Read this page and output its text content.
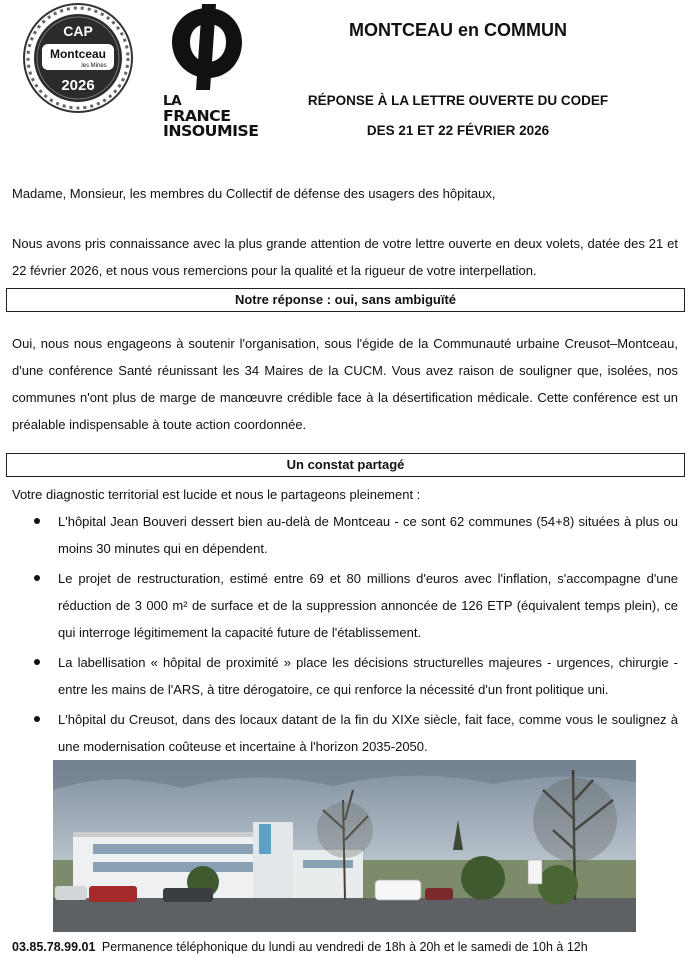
CAP
Montceau
les Mines
2026
LA
FRANCE
INSOUMISE
MONTCEAU en COMMUN
RÉPONSE À LA LETTRE OUVERTE DU CODEF
DES 21 ET 22 FÉVRIER 2026

Madame, Monsieur, les membres du Collectif de défense des usagers des hôpitaux,

Nous avons pris connaissance avec la plus grande attention de votre lettre ouverte en deux volets, datée des 21 et 22 février 2026, et nous vous remercions pour la qualité et la rigueur de votre interpellation.

Notre réponse : oui, sans ambiguïté

Oui, nous nous engageons à soutenir l'organisation, sous l'égide de la Communauté urbaine Creusot–Montceau, d'une conférence Santé réunissant les 34 Maires de la CUCM. Vous avez raison de souligner que, isolées, nos communes n'ont plus de marge de manœuvre crédible face à la désertification médicale. Cette conférence est un préalable indispensable à toute action coordonnée.

Un constat partagé

Votre diagnostic territorial est lucide et nous le partageons pleinement :

L'hôpital Jean Bouveri dessert bien au-delà de Montceau - ce sont 62 communes (54+8) situées à plus ou moins 30 minutes qui en dépendent.
Le projet de restructuration, estimé entre 69 et 80 millions d'euros avec l'inflation, s'accompagne d'une réduction de 3 000 m² de surface et de la suppression annoncée de 126 ETP (équivalent temps plein), ce qui interroge légitimement la capacité future de l'établissement.
La labellisation « hôpital de proximité » place les décisions structurelles majeures - urgences, chirurgie - entre les mains de l'ARS, à titre dérogatoire, ce qui renforce la nécessité d'un front politique uni.
L'hôpital du Creusot, dans des locaux datant de la fin du XIXe siècle, fait face, comme vous le soulignez à une modernisation coûteuse et incertaine à l'horizon 2035-2050.
03.85.78.99.01 Permanence téléphonique du lundi au vendredi de 18h à 20h et le samedi de 10h à 12h
